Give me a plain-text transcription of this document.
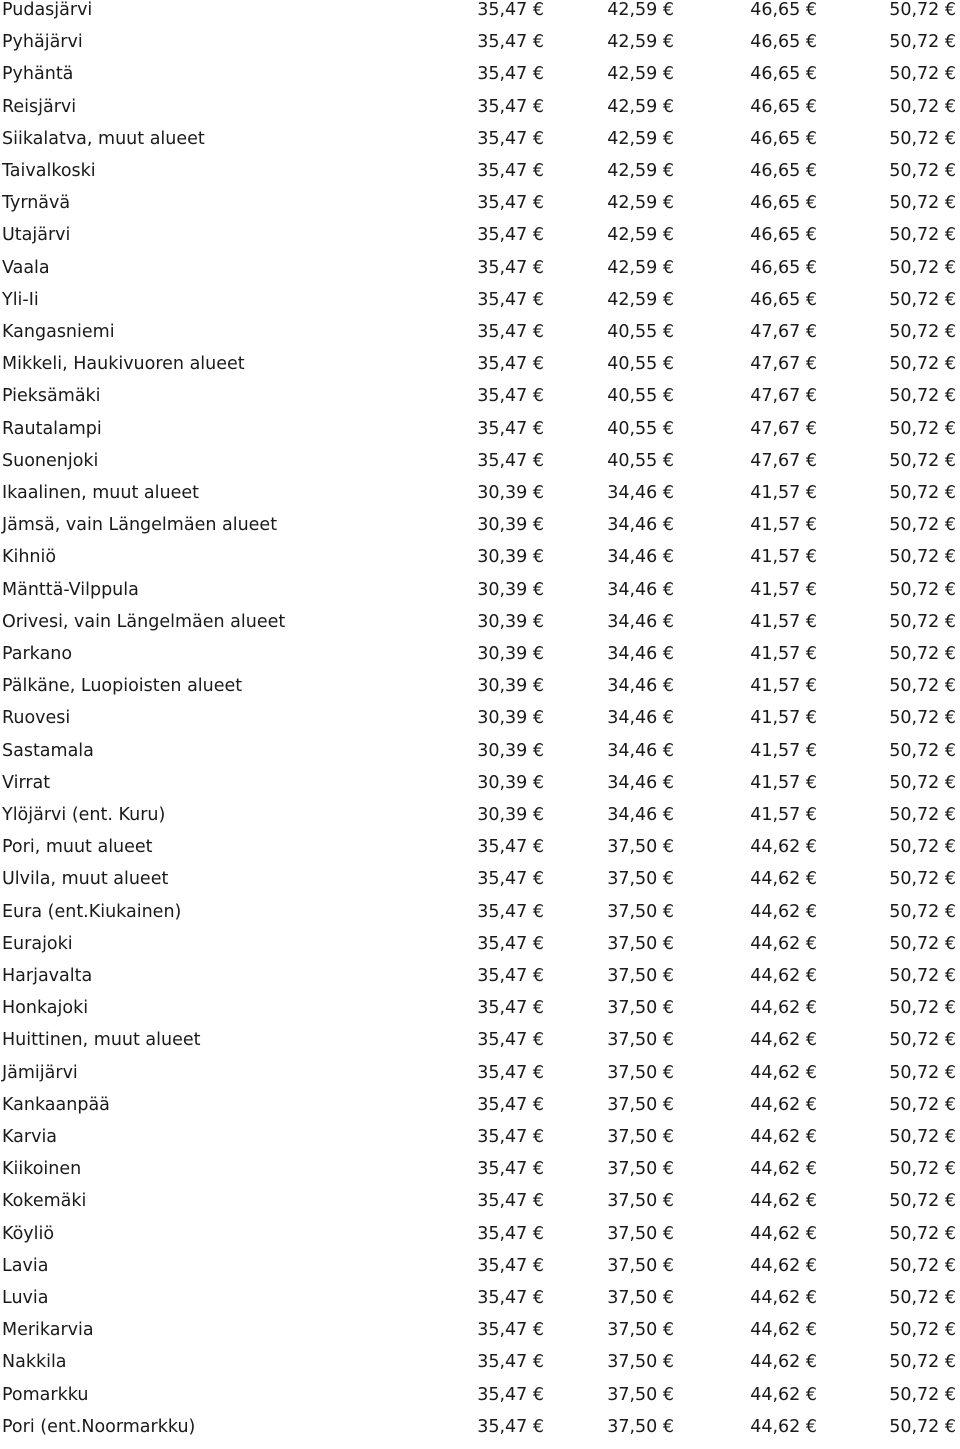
Pudasjärvi	35,47 €	42,59 €	46,65 €	50,72 €
Pyhäjärvi	35,47 €	42,59 €	46,65 €	50,72 €
Pyhäntä	35,47 €	42,59 €	46,65 €	50,72 €
Reisjärvi	35,47 €	42,59 €	46,65 €	50,72 €
Siikalatva, muut alueet	35,47 €	42,59 €	46,65 €	50,72 €
Taivalkoski	35,47 €	42,59 €	46,65 €	50,72 €
Tyrnävä	35,47 €	42,59 €	46,65 €	50,72 €
Utajärvi	35,47 €	42,59 €	46,65 €	50,72 €
Vaala	35,47 €	42,59 €	46,65 €	50,72 €
Yli-Ii	35,47 €	42,59 €	46,65 €	50,72 €
Kangasniemi	35,47 €	40,55 €	47,67 €	50,72 €
Mikkeli, Haukivuoren alueet	35,47 €	40,55 €	47,67 €	50,72 €
Pieksämäki	35,47 €	40,55 €	47,67 €	50,72 €
Rautalampi	35,47 €	40,55 €	47,67 €	50,72 €
Suonenjoki	35,47 €	40,55 €	47,67 €	50,72 €
Ikaalinen, muut alueet	30,39 €	34,46 €	41,57 €	50,72 €
Jämsä, vain Längelmäen alueet	30,39 €	34,46 €	41,57 €	50,72 €
Kihniö	30,39 €	34,46 €	41,57 €	50,72 €
Mänttä-Vilppula	30,39 €	34,46 €	41,57 €	50,72 €
Orivesi, vain Längelmäen alueet	30,39 €	34,46 €	41,57 €	50,72 €
Parkano	30,39 €	34,46 €	41,57 €	50,72 €
Pälkäne, Luopioisten alueet	30,39 €	34,46 €	41,57 €	50,72 €
Ruovesi	30,39 €	34,46 €	41,57 €	50,72 €
Sastamala	30,39 €	34,46 €	41,57 €	50,72 €
Virrat	30,39 €	34,46 €	41,57 €	50,72 €
Ylöjärvi (ent. Kuru)	30,39 €	34,46 €	41,57 €	50,72 €
Pori, muut alueet	35,47 €	37,50 €	44,62 €	50,72 €
Ulvila, muut alueet	35,47 €	37,50 €	44,62 €	50,72 €
Eura (ent.Kiukainen)	35,47 €	37,50 €	44,62 €	50,72 €
Eurajoki	35,47 €	37,50 €	44,62 €	50,72 €
Harjavalta	35,47 €	37,50 €	44,62 €	50,72 €
Honkajoki	35,47 €	37,50 €	44,62 €	50,72 €
Huittinen, muut alueet	35,47 €	37,50 €	44,62 €	50,72 €
Jämijärvi	35,47 €	37,50 €	44,62 €	50,72 €
Kankaanpää	35,47 €	37,50 €	44,62 €	50,72 €
Karvia	35,47 €	37,50 €	44,62 €	50,72 €
Kiikoinen	35,47 €	37,50 €	44,62 €	50,72 €
Kokemäki	35,47 €	37,50 €	44,62 €	50,72 €
Köyliö	35,47 €	37,50 €	44,62 €	50,72 €
Lavia	35,47 €	37,50 €	44,62 €	50,72 €
Luvia	35,47 €	37,50 €	44,62 €	50,72 €
Merikarvia	35,47 €	37,50 €	44,62 €	50,72 €
Nakkila	35,47 €	37,50 €	44,62 €	50,72 €
Pomarkku	35,47 €	37,50 €	44,62 €	50,72 €
Pori (ent.Noormarkku)	35,47 €	37,50 €	44,62 €	50,72 €
